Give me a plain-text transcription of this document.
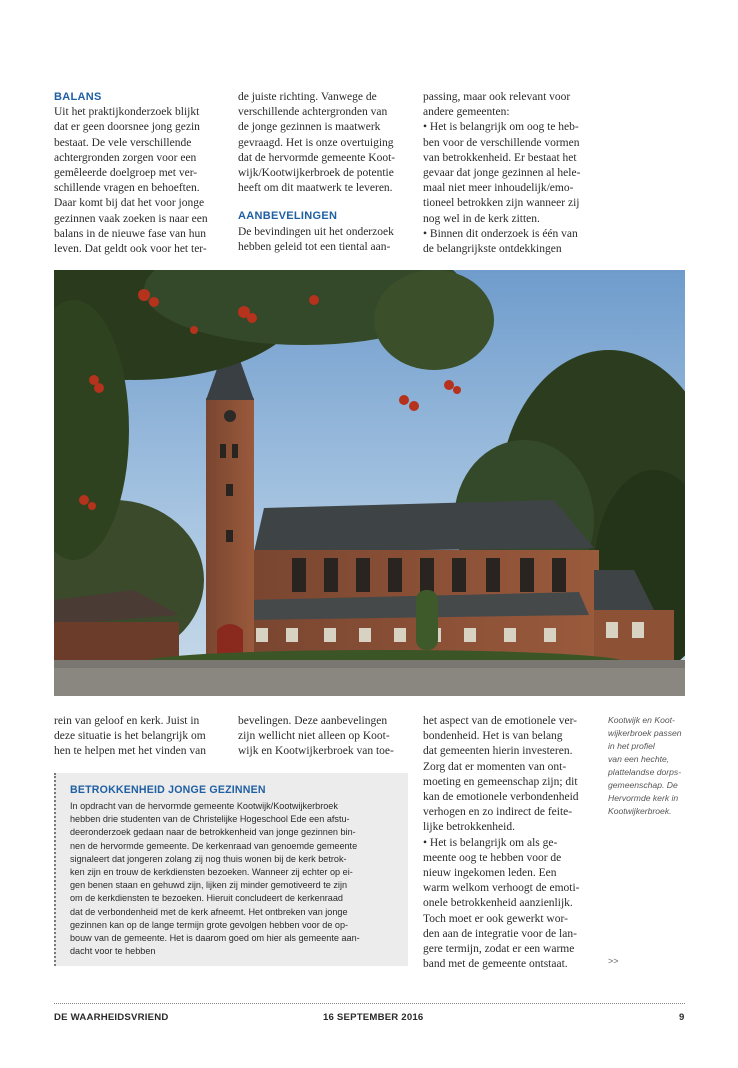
BALANS

Uit het praktijkonderzoek blijkt
dat er geen doorsnee jong gezin
bestaat. De vele verschillende
achtergronden zorgen voor een
gemêleerde doelgroep met ver-
schillende vragen en behoeften.
Daar komt bij dat het voor jonge
gezinnen vaak zoeken is naar een
balans in de nieuwe fase van hun
leven. Dat geldt ook voor het ter-

de juiste richting. Vanwege de
verschillende achtergronden van
de jonge gezinnen is maatwerk
gevraagd. Het is onze overtuiging
dat de hervormde gemeente Koot-
wijk/Kootwijkerbroek de potentie
heeft om dit maatwerk te leveren.

AANBEVELINGEN

De bevindingen uit het onderzoek
hebben geleid tot een tiental aan-

passing, maar ook relevant voor
andere gemeenten:
• Het is belangrijk om oog te heb-
ben voor de verschillende vormen
van betrokkenheid. Er bestaat het
gevaar dat jonge gezinnen al hele-
maal niet meer inhoudelijk/emo-
tioneel betrokken zijn wanneer zij
nog wel in de kerk zitten.
• Binnen dit onderzoek is één van
de belangrijkste ontdekkingen

rein van geloof en kerk. Juist in
deze situatie is het belangrijk om
hen te helpen met het vinden van

bevelingen. Deze aanbevelingen
zijn wellicht niet alleen op Koot-
wijk en Kootwijkerbroek van toe-

het aspect van de emotionele ver-
bondenheid. Het is van belang
dat gemeenten hierin investeren.
Zorg dat er momenten van ont-
moeting en gemeenschap zijn; dit
kan de emotionele verbondenheid
verhogen en zo indirect de feite-
lijke betrokkenheid.
• Het is belangrijk om als ge-
meente oog te hebben voor de
nieuw ingekomen leden. Een
warm welkom verhoogt de emoti-
onele betrokkenheid aanzienlijk.
Toch moet er ook gewerkt wor-
den aan de integratie voor de lan-
gere termijn, zodat er een warme
band met de gemeente ontstaat.

Kootwijk en Koot-
wijkerbroek passen
in het profiel
van een hechte,
plattelandse dorps-
gemeenschap. De
Hervormde kerk in
Kootwijkerbroek.

BETROKKENHEID JONGE GEZINNEN

In opdracht van de hervormde gemeente Kootwijk/Kootwijkerbroek
hebben drie studenten van de Christelijke Hogeschool Ede een afstu-
deeronderzoek gedaan naar de betrokkenheid van jonge gezinnen bin-
nen de hervormde gemeente. De kerkenraad van genoemde gemeente
signaleert dat jongeren zolang zij nog thuis wonen bij de kerk betrok-
ken zijn en trouw de kerkdiensten bezoeken. Wanneer zij echter op ei-
gen benen staan en gehuwd zijn, lijken zij minder gemotiveerd te zijn
om de kerkdiensten te bezoeken. Hieruit concludeert de kerkenraad
dat de verbondenheid met de kerk afneemt. Het ontbreken van jonge
gezinnen kan op de lange termijn grote gevolgen hebben voor de op-
bouw van de gemeente. Het is daarom goed om hier als gemeente aan-
dacht voor te hebben

>>
DE WAARHEIDSVRIEND	16 SEPTEMBER 2016	9
